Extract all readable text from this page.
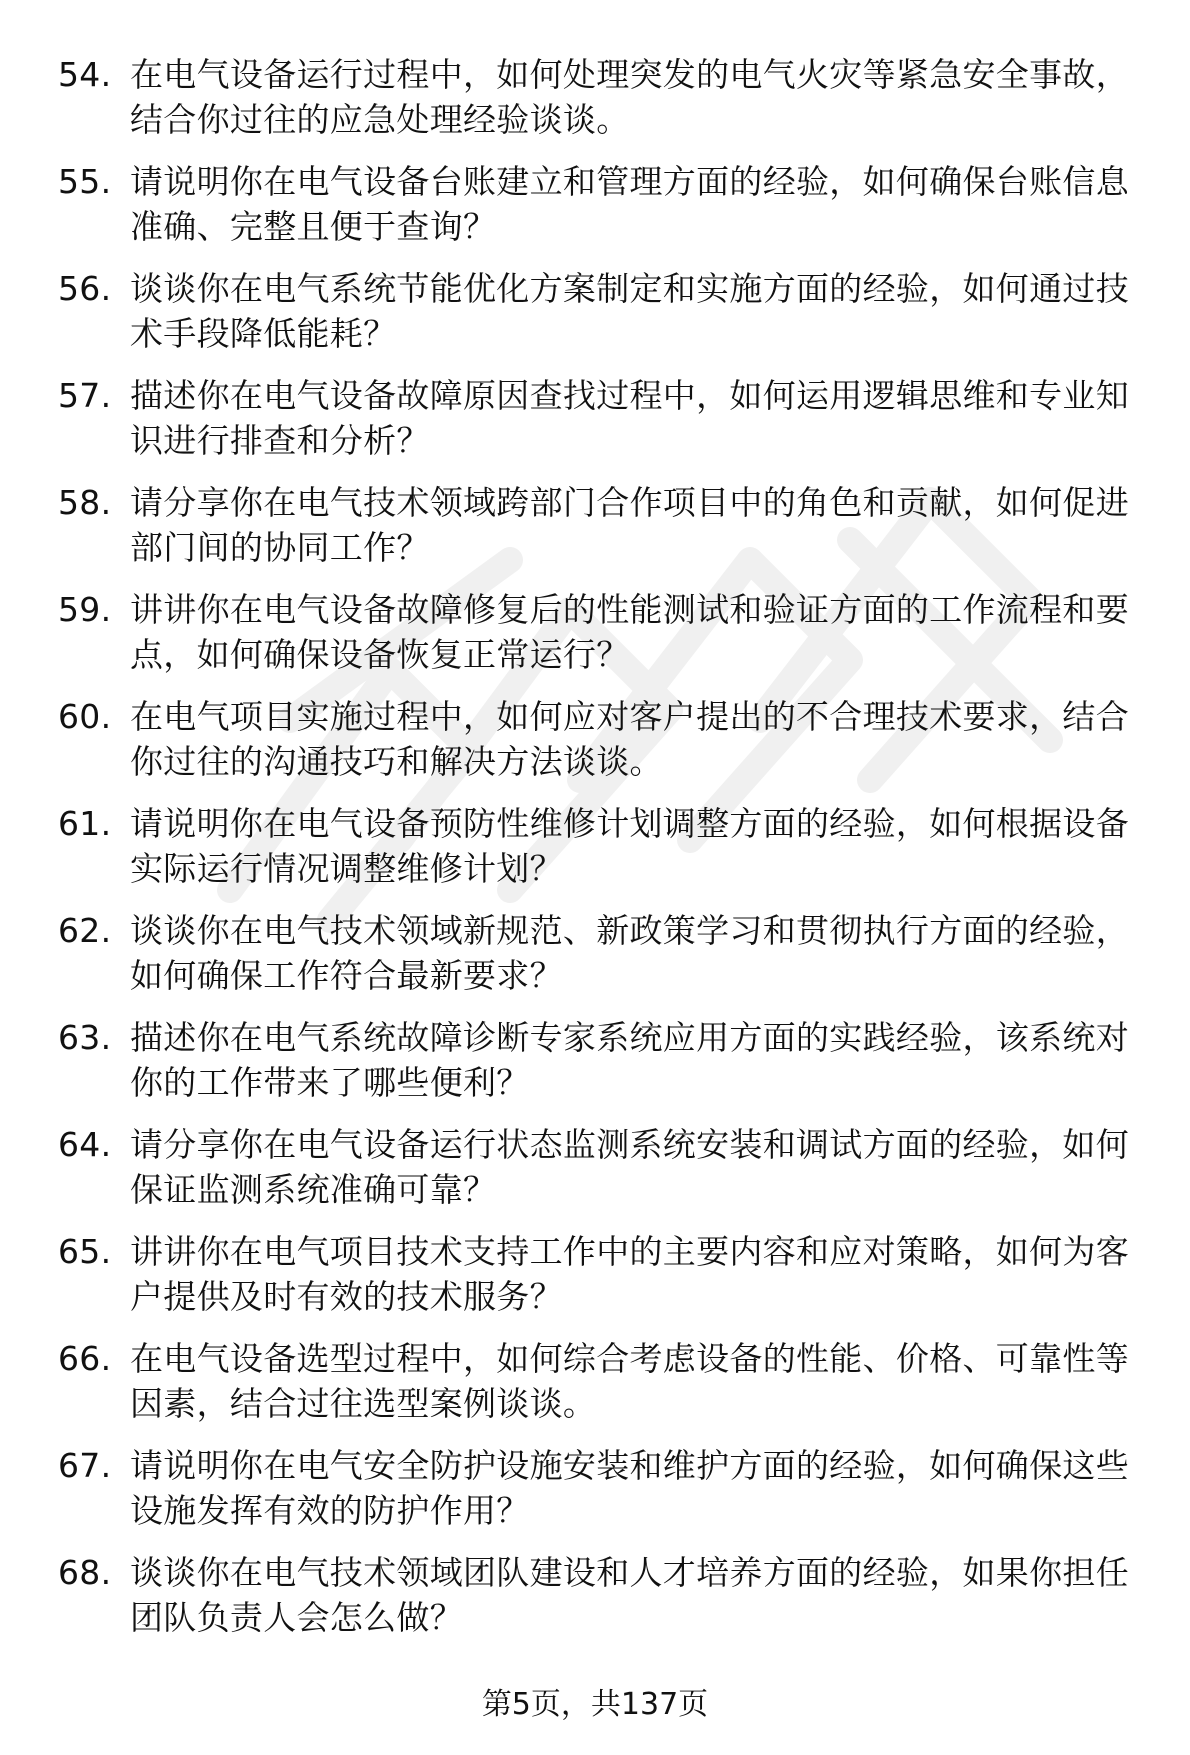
54. 在电气设备运行过程中，如何处理突发的电气火灾等紧急安全事故，结合你过往的应急处理经验谈谈。
55. 请说明你在电气设备台账建立和管理方面的经验，如何确保台账信息准确、完整且便于查询？
56. 谈谈你在电气系统节能优化方案制定和实施方面的经验，如何通过技术手段降低能耗？
57. 描述你在电气设备故障原因查找过程中，如何运用逻辑思维和专业知识进行排查和分析？
58. 请分享你在电气技术领域跨部门合作项目中的角色和贡献，如何促进部门间的协同工作？
59. 讲讲你在电气设备故障修复后的性能测试和验证方面的工作流程和要点，如何确保设备恢复正常运行？
60. 在电气项目实施过程中，如何应对客户提出的不合理技术要求，结合你过往的沟通技巧和解决方法谈谈。
61. 请说明你在电气设备预防性维修计划调整方面的经验，如何根据设备实际运行情况调整维修计划？
62. 谈谈你在电气技术领域新规范、新政策学习和贯彻执行方面的经验，如何确保工作符合最新要求？
63. 描述你在电气系统故障诊断专家系统应用方面的实践经验，该系统对你的工作带来了哪些便利？
64. 请分享你在电气设备运行状态监测系统安装和调试方面的经验，如何保证监测系统准确可靠？
65. 讲讲你在电气项目技术支持工作中的主要内容和应对策略，如何为客户提供及时有效的技术服务？
66. 在电气设备选型过程中，如何综合考虑设备的性能、价格、可靠性等因素，结合过往选型案例谈谈。
67. 请说明你在电气安全防护设施安装和维护方面的经验，如何确保这些设施发挥有效的防护作用？
68. 谈谈你在电气技术领域团队建设和人才培养方面的经验，如果你担任团队负责人会怎么做？
第5页，共137页
